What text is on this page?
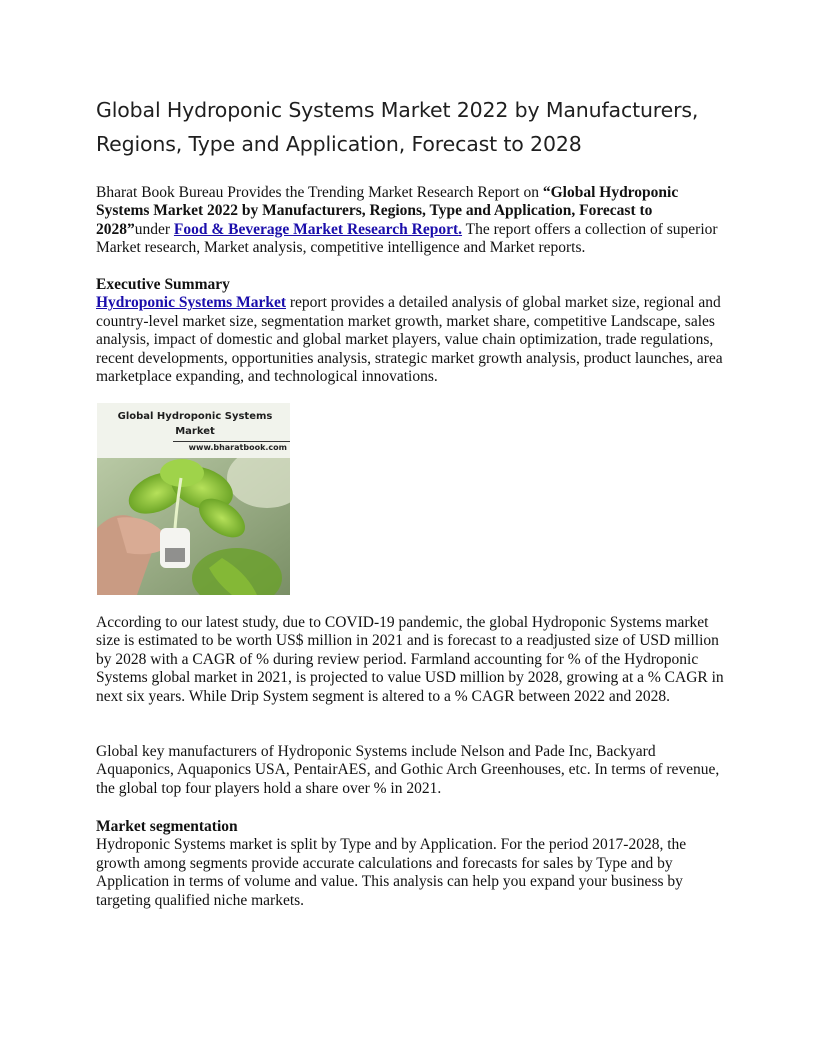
Global Hydroponic Systems Market 2022 by Manufacturers, Regions, Type and Application, Forecast to 2028

Bharat Book Bureau Provides the Trending Market Research Report on “Global Hydroponic Systems Market 2022 by Manufacturers, Regions, Type and Application, Forecast to 2028”under Food & Beverage Market Research Report. The report offers a collection of superior Market research, Market analysis, competitive intelligence and Market reports.

Executive Summary
Hydroponic Systems Market report provides a detailed analysis of global market size, regional and country-level market size, segmentation market growth, market share, competitive Landscape, sales analysis, impact of domestic and global market players, value chain optimization, trade regulations, recent developments, opportunities analysis, strategic market growth analysis, product launches, area marketplace expanding, and technological innovations.

Global Hydroponic Systems
Market
www.bharatbook.com

According to our latest study, due to COVID-19 pandemic, the global Hydroponic Systems market size is estimated to be worth US$ million in 2021 and is forecast to a readjusted size of USD million by 2028 with a CAGR of % during review period. Farmland accounting for % of the Hydroponic Systems global market in 2021, is projected to value USD million by 2028, growing at a % CAGR in next six years. While Drip System segment is altered to a % CAGR between 2022 and 2028.

Global key manufacturers of Hydroponic Systems include Nelson and Pade Inc, Backyard Aquaponics, Aquaponics USA, PentairAES, and Gothic Arch Greenhouses, etc. In terms of revenue, the global top four players hold a share over % in 2021.

Market segmentation
Hydroponic Systems market is split by Type and by Application. For the period 2017-2028, the growth among segments provide accurate calculations and forecasts for sales by Type and by Application in terms of volume and value. This analysis can help you expand your business by targeting qualified niche markets.
